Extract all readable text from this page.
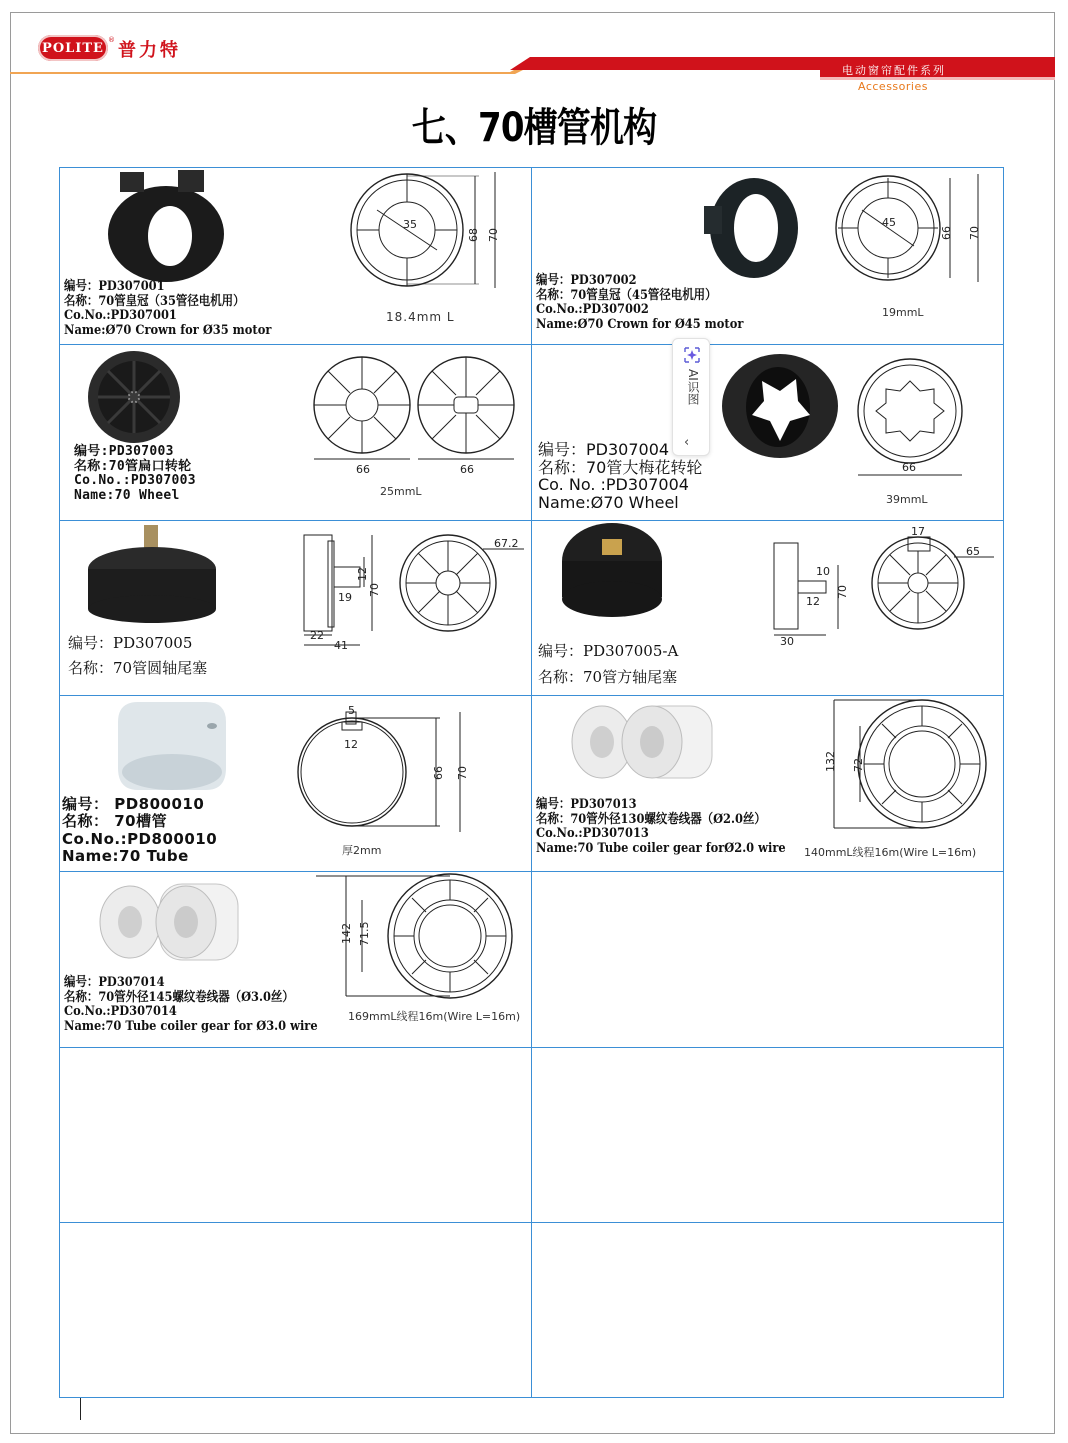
POLITE
® 普力特
电动窗帘配件系列
Accessories
七、70槽管机构
35
68 70
编号：PD307001
名称：70管皇冠（35管径电机用）
Co.No.:PD307001
Name:Ø70 Crown for Ø35 motor
18.4mm L
45
66 70
编号：PD307002
名称：70管皇冠（45管径电机用）
Co.No.:PD307002
Name:Ø70 Crown for Ø45 motor
19mmL
66	66
编号:PD307003
名称:70管扁口转轮
Co.No.:PD307003
Name:70 Wheel	25mmL
66
编号：PD307004
名称：70管大梅花转轮
Co. No. :PD307004
Name:Ø70 Wheel	39mmL
12
70
19
22
41
67.2
编号：PD307005
名称：70管圆轴尾塞
10
70
12
30
17
65
编号：PD307005-A
名称：70管方轴尾塞
5
12
66 70
编号： PD800010
名称： 70槽管
Co.No.:PD800010
Name:70 Tube	厚2mm
132 72
编号：PD307013
名称：70管外径130螺纹卷线器（Ø2.0丝）
Co.No.:PD307013
Name:70 Tube coiler gear forØ2.0 wire 140mmL线程16m(Wire L=16m)
142 71.5
编号：PD307014
名称：70管外径145螺纹卷线器（Ø3.0丝）
Co.No.:PD307014
Name:70 Tube coiler gear for Ø3.0 wire
169mmL线程16m(Wire L=16m)
AI识图
‹
